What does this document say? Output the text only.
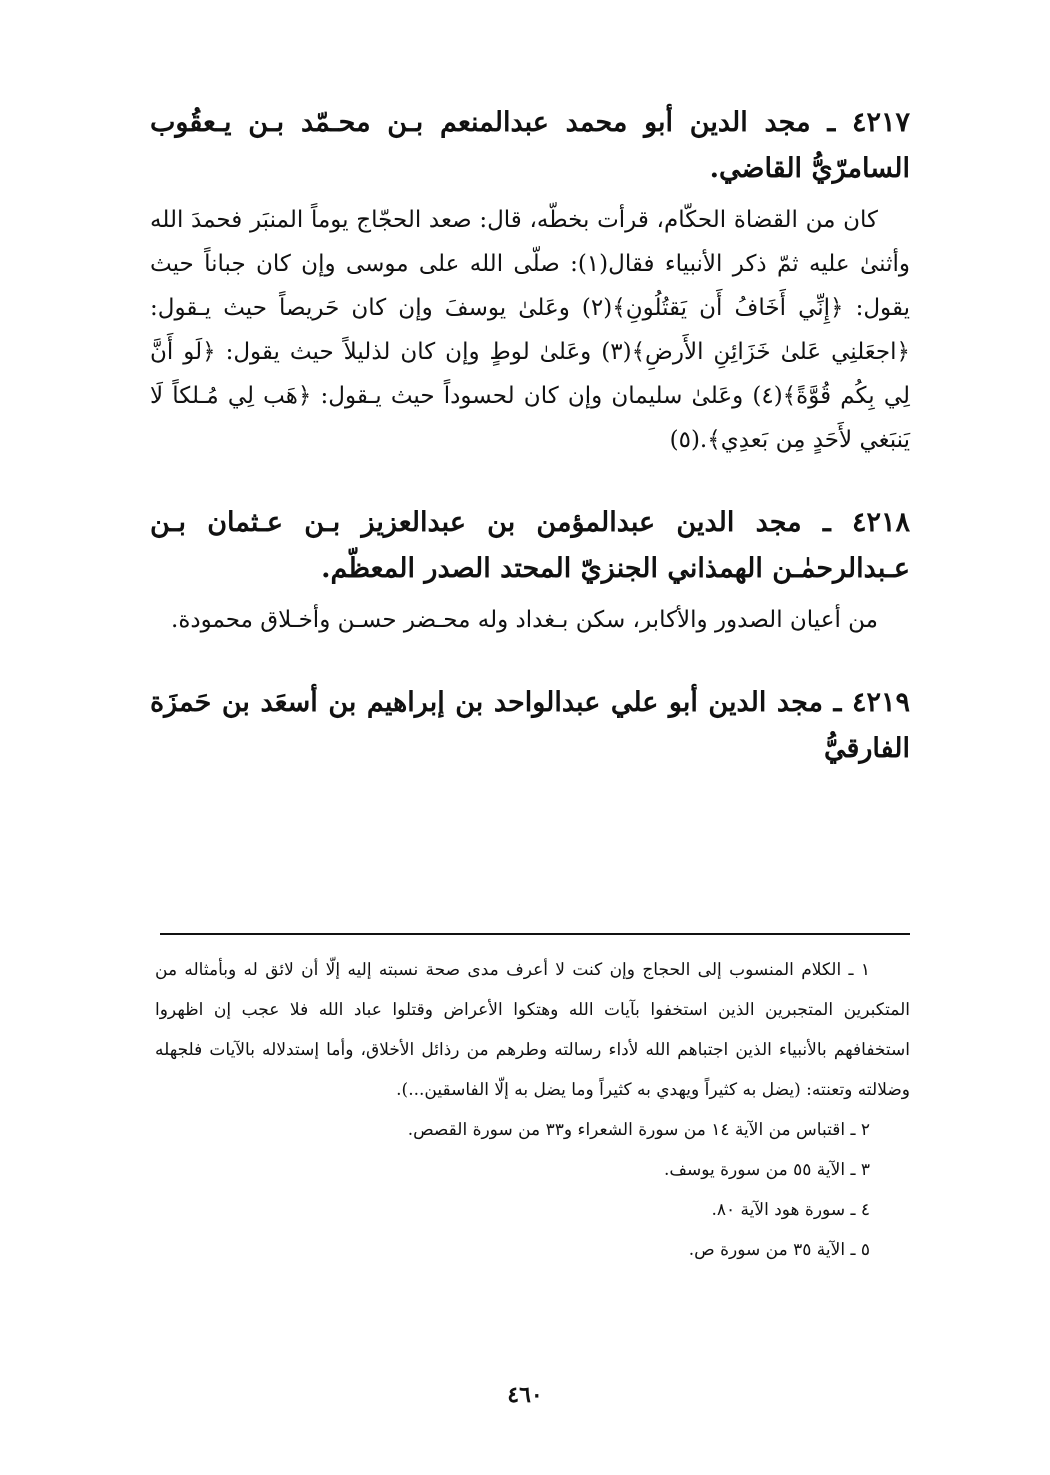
٤٢١٧ ـ مجد الدين أبو محمد عبدالمنعم بـن محـمّد بـن يـعقُوب السامرّيُّ القاضي.

كان من القضاة الحكّام، قرأت بخطّه، قال: صعد الحجّاج يوماً المنبَر فحمدَ الله وأثنىٰ عليه ثمّ ذكر الأنبياء فقال(١): صلّى الله على موسى وإن كان جباناً حيث يقول: ﴿إِنِّي أَخَافُ أَن يَقتُلُونِ﴾(٢) وعَلىٰ يوسفَ وإن كان حَريصاً حيث يـقول: ﴿اجعَلنِي عَلىٰ خَزَائِنِ الأَرضِ﴾(٣) وعَلىٰ لوطٍ وإن كان لذليلاً حيث يقول: ﴿لَو أَنَّ لِي بِكُم قُوَّةً﴾(٤) وعَلىٰ سليمان وإن كان لحسوداً حيث يـقول: ﴿هَب لِي مُـلكاً لَا يَنبَغي لأَحَدٍ مِن بَعدِي﴾.(٥)

٤٢١٨ ـ مجد الدين عبدالمؤمن بن عبدالعزيز بـن عـثمان بـن عـبدالرحمٰـن الهمذاني الجنزيّ المحتد الصدر المعظّم.

من أعيان الصدور والأكابر، سكن بـغداد وله محـضر حسـن وأخـلاق محمودة.

٤٢١٩ ـ مجد الدين أبو علي عبدالواحد بن إبراهيم بن أسعَد بن حَمزَة الفارقيُّ

١ ـ الكلام المنسوب إلى الحجاج وإن كنت لا أعرف مدى صحة نسبته إليه إلّا أن لائق له وبأمثاله من المتكبرين المتجبرين الذين استخفوا بآيات الله وهتكوا الأعراض وقتلوا عباد الله فلا عجب إن اظهروا استخفافهم بالأنبياء الذين اجتباهم الله لأداء رسالته وطرهم من رذائل الأخلاق، وأما إستدلاله بالآيات فلجهله وضلالته وتعنته: (يضل به كثيراً ويهدي به كثيراً وما يضل به إلّا الفاسقين...).

٢ ـ اقتباس من الآية ١٤ من سورة الشعراء و٣٣ من سورة القصص.

٣ ـ الآية ٥٥ من سورة يوسف.

٤ ـ سورة هود الآية ٨٠.

٥ ـ الآية ٣٥ من سورة ص.

٤٦٠
